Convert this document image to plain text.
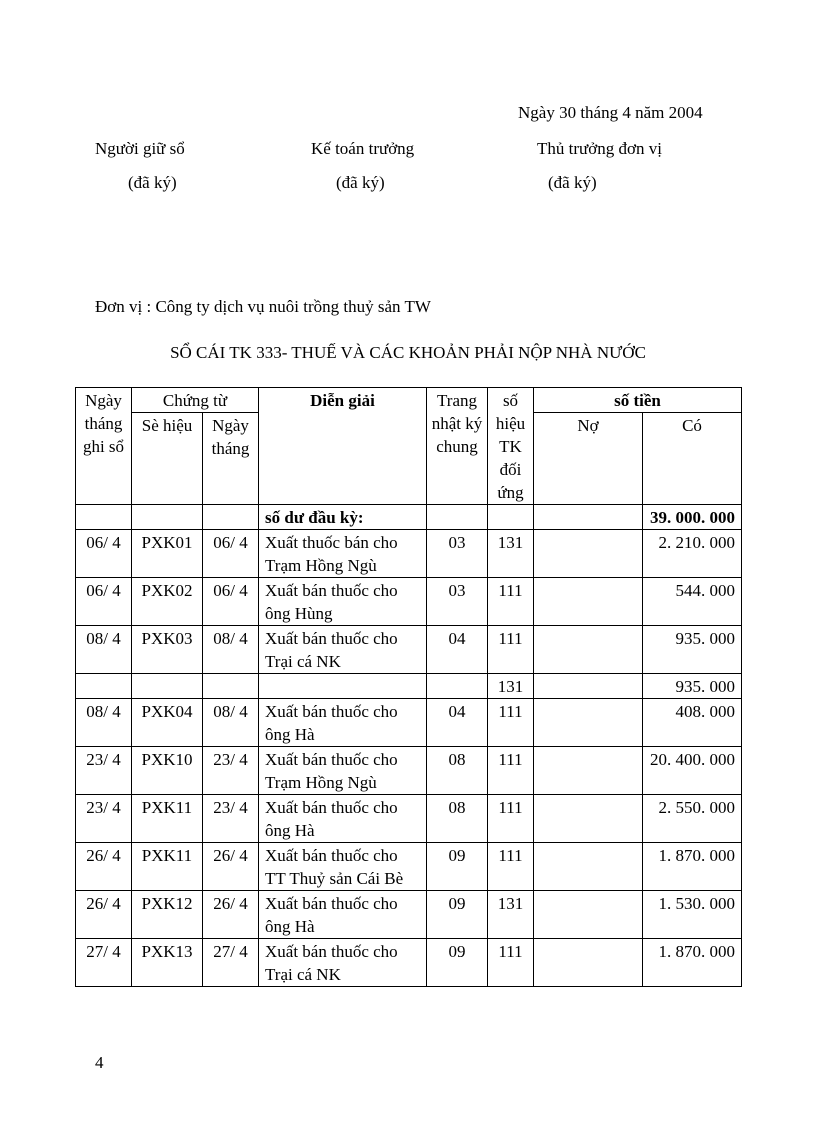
Ngày 30 tháng 4 năm 2004
Người giữ sổ
(đã ký)
Kế toán trưởng
(đã ký)
Thủ trưởng đơn vị
(đã ký)
Đơn vị : Công ty dịch vụ nuôi trồng thuỷ sản TW
SỔ CÁI TK 333- THUẾ VÀ CÁC KHOẢN PHẢI NỘP NHÀ NƯỚC
Ngày tháng ghi sổ	Chứng từ		Diễn giải	Trang nhật ký chung	số hiệu TK đối ứng	số tiền	
	Sè hiệu	Ngày tháng				Nợ	Có
			số dư đầu kỳ:				39. 000. 000
06/ 4	PXK01	06/ 4	Xuất thuốc bán cho Trạm Hồng Ngù	03	131		2. 210. 000
06/ 4	PXK02	06/ 4	Xuất bán thuốc cho ông Hùng	03	111		544. 000
08/ 4	PXK03	08/ 4	Xuất bán thuốc cho Trại cá NK	04	111		935. 000
					131		935. 000
08/ 4	PXK04	08/ 4	Xuất bán thuốc cho ông Hà	04	111		408. 000
23/ 4	PXK10	23/ 4	Xuất bán thuốc cho Trạm Hồng Ngù	08	111		20. 400. 000
23/ 4	PXK11	23/ 4	Xuất bán thuốc cho ông Hà	08	111		2. 550. 000
26/ 4	PXK11	26/ 4	Xuất bán thuốc cho TT Thuỷ sản Cái Bè	09	111		1. 870. 000
26/ 4	PXK12	26/ 4	Xuất bán thuốc cho ông Hà	09	131		1. 530. 000
27/ 4	PXK13	27/ 4	Xuất bán thuốc cho Trại cá NK	09	111		1. 870. 000
4
